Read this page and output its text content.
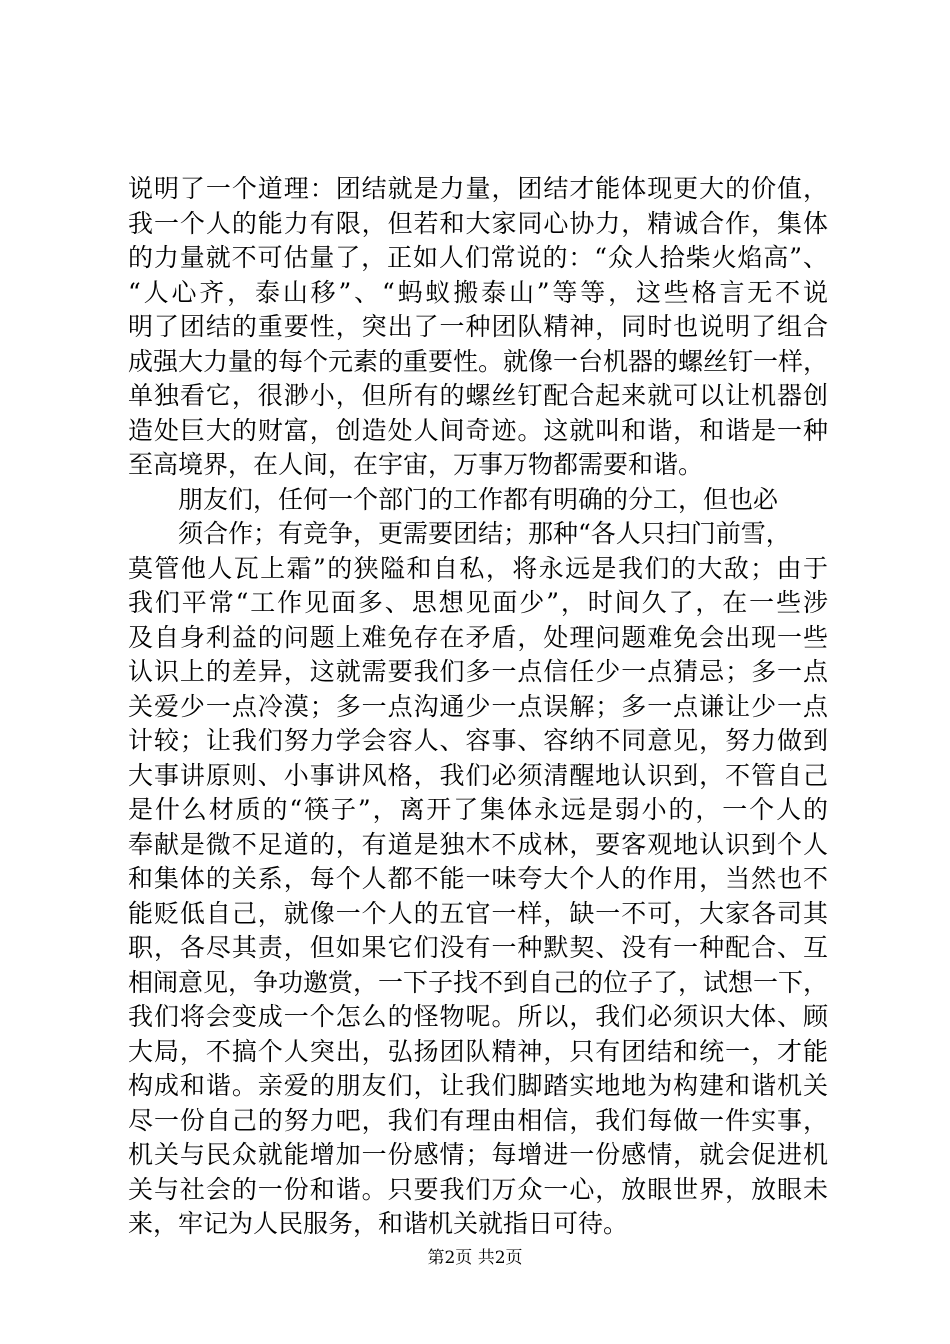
说明了一个道理：团结就是力量，团结才能体现更大的价值，
我一个人的能力有限，但若和大家同心协力，精诚合作，集体
的力量就不可估量了，正如人们常说的：“众人拾柴火焰高”、
“人心齐，泰山移”、“蚂蚁搬泰山”等等，这些格言无不说
明了团结的重要性，突出了一种团队精神，同时也说明了组合
成强大力量的每个元素的重要性。就像一台机器的螺丝钉一样，
单独看它，很渺小，但所有的螺丝钉配合起来就可以让机器创
造处巨大的财富，创造处人间奇迹。这就叫和谐，和谐是一种
至高境界，在人间，在宇宙，万事万物都需要和谐。
朋友们，任何一个部门的工作都有明确的分工，但也必
须合作；有竞争，更需要团结；那种“各人只扫门前雪，
莫管他人瓦上霜”的狭隘和自私，将永远是我们的大敌；由于
我们平常“工作见面多、思想见面少”，时间久了，在一些涉
及自身利益的问题上难免存在矛盾，处理问题难免会出现一些
认识上的差异，这就需要我们多一点信任少一点猜忌；多一点
关爱少一点冷漠；多一点沟通少一点误解；多一点谦让少一点
计较；让我们努力学会容人、容事、容纳不同意见，努力做到
大事讲原则、小事讲风格，我们必须清醒地认识到，不管自己
是什么材质的“筷子”，离开了集体永远是弱小的，一个人的
奉献是微不足道的，有道是独木不成林，要客观地认识到个人
和集体的关系，每个人都不能一味夸大个人的作用，当然也不
能贬低自己，就像一个人的五官一样，缺一不可，大家各司其
职，各尽其责，但如果它们没有一种默契、没有一种配合、互
相闹意见，争功邀赏，一下子找不到自己的位子了，试想一下，
我们将会变成一个怎么的怪物呢。所以，我们必须识大体、顾
大局，不搞个人突出，弘扬团队精神，只有团结和统一，才能
构成和谐。亲爱的朋友们，让我们脚踏实地地为构建和谐机关
尽一份自己的努力吧，我们有理由相信，我们每做一件实事，
机关与民众就能增加一份感情；每增进一份感情，就会促进机
关与社会的一份和谐。只要我们万众一心，放眼世界，放眼未
来，牢记为人民服务，和谐机关就指日可待。
第2页 共2页
